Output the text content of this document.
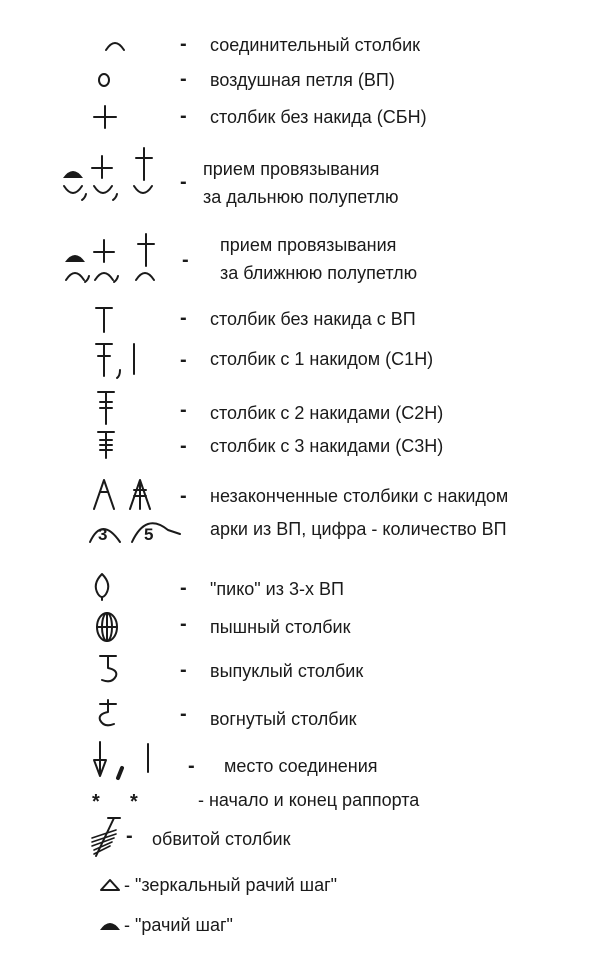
- соединительный столбик
- воздушная петля (ВП)
- столбик без накида (СБН)
-
прием провязывания
за дальнюю полупетлю
-
прием провязывания
за ближнюю полупетлю
- столбик без накида с ВП
- столбик с 1 накидом (С1Н)
- столбик с 2 накидами (С2Н)
- столбик с 3 накидами (С3Н)
- незаконченные столбики с накидом
3 5	арки из ВП, цифра - количество ВП
- "пико" из 3-х ВП
- пышный столбик
- выпуклый столбик
- вогнутый столбик
- место соединения
* *	- начало и конец раппорта
- обвитой столбик
- "зеркальный рачий шаг"
- "рачий шаг"
